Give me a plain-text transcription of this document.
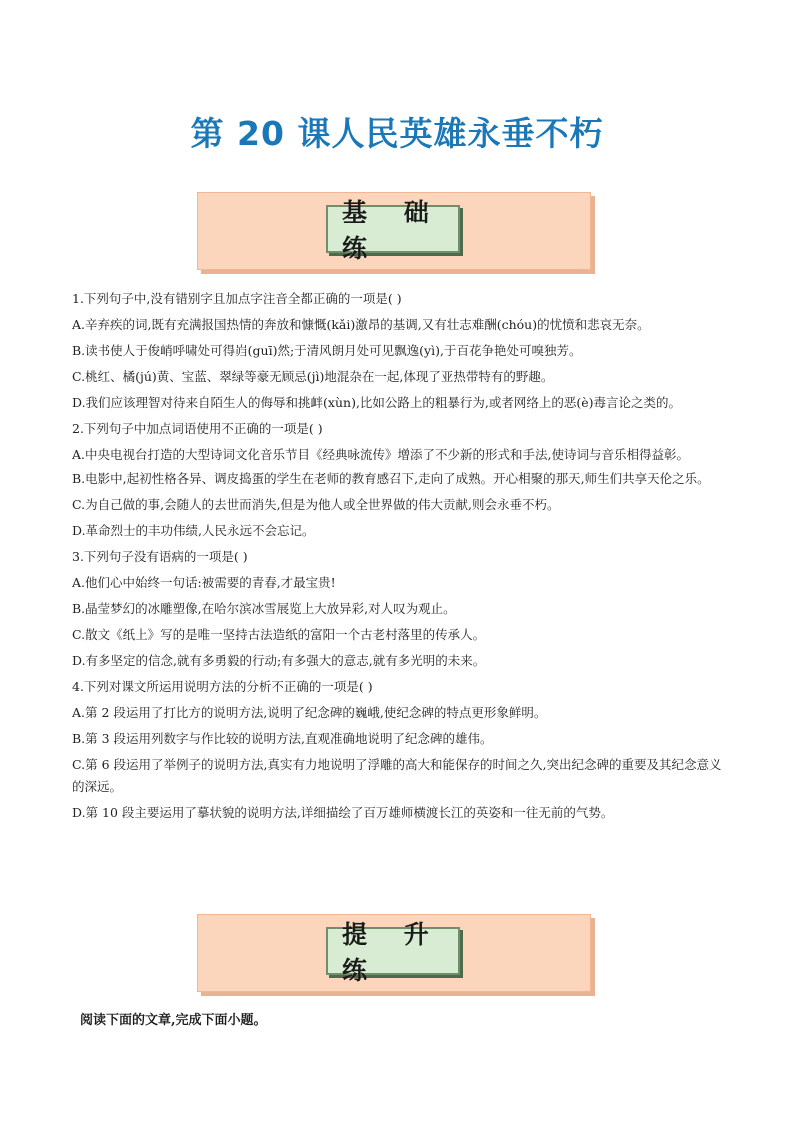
第 20 课人民英雄永垂不朽
基 础 练

1.下列句子中,没有错别字且加点字注音全都正确的一项是( )

A.辛弃疾的词,既有充满报国热情的奔放和慷慨(kǎi)激昂的基调,又有壮志难酬(chóu)的忧愤和悲哀无奈。

B.读书使人于俊峭呼啸处可得岿(guī)然;于清风朗月处可见飘逸(yì),于百花争艳处可嗅独芳。

C.桃红、橘(jú)黄、宝蓝、翠绿等豪无顾忌(jì)地混杂在一起,体现了亚热带特有的野趣。

D.我们应该理智对待来自陌生人的侮辱和挑衅(xùn),比如公路上的粗暴行为,或者网络上的恶(è)毒言论之类的。

2.下列句子中加点词语使用不正确的一项是( )

A.中央电视台打造的大型诗词文化音乐节目《经典咏流传》增添了不少新的形式和手法,使诗词与音乐相得益彰。

B.电影中,起初性格各异、调皮捣蛋的学生在老师的教育感召下,走向了成熟。开心相聚的那天,师生们共享天伦之乐。

C.为自己做的事,会随人的去世而消失,但是为他人或全世界做的伟大贡献,则会永垂不朽。

D.革命烈士的丰功伟绩,人民永远不会忘记。

3.下列句子没有语病的一项是( )

A.他们心中始终一句话:被需要的青春,才最宝贵!

B.晶莹梦幻的冰雕塑像,在哈尔滨冰雪展览上大放异彩,对人叹为观止。

C.散文《纸上》写的是唯一坚持古法造纸的富阳一个古老村落里的传承人。

D.有多坚定的信念,就有多勇毅的行动;有多强大的意志,就有多光明的未来。

4.下列对课文所运用说明方法的分析不正确的一项是( )

A.第 2 段运用了打比方的说明方法,说明了纪念碑的巍峨,使纪念碑的特点更形象鲜明。

B.第 3 段运用列数字与作比较的说明方法,直观准确地说明了纪念碑的雄伟。

C.第 6 段运用了举例子的说明方法,真实有力地说明了浮雕的高大和能保存的时间之久,突出纪念碑的重要及其纪念意义的深远。

D.第 10 段主要运用了摹状貌的说明方法,详细描绘了百万雄师横渡长江的英姿和一往无前的气势。

提 升 练
阅读下面的文章,完成下面小题。
